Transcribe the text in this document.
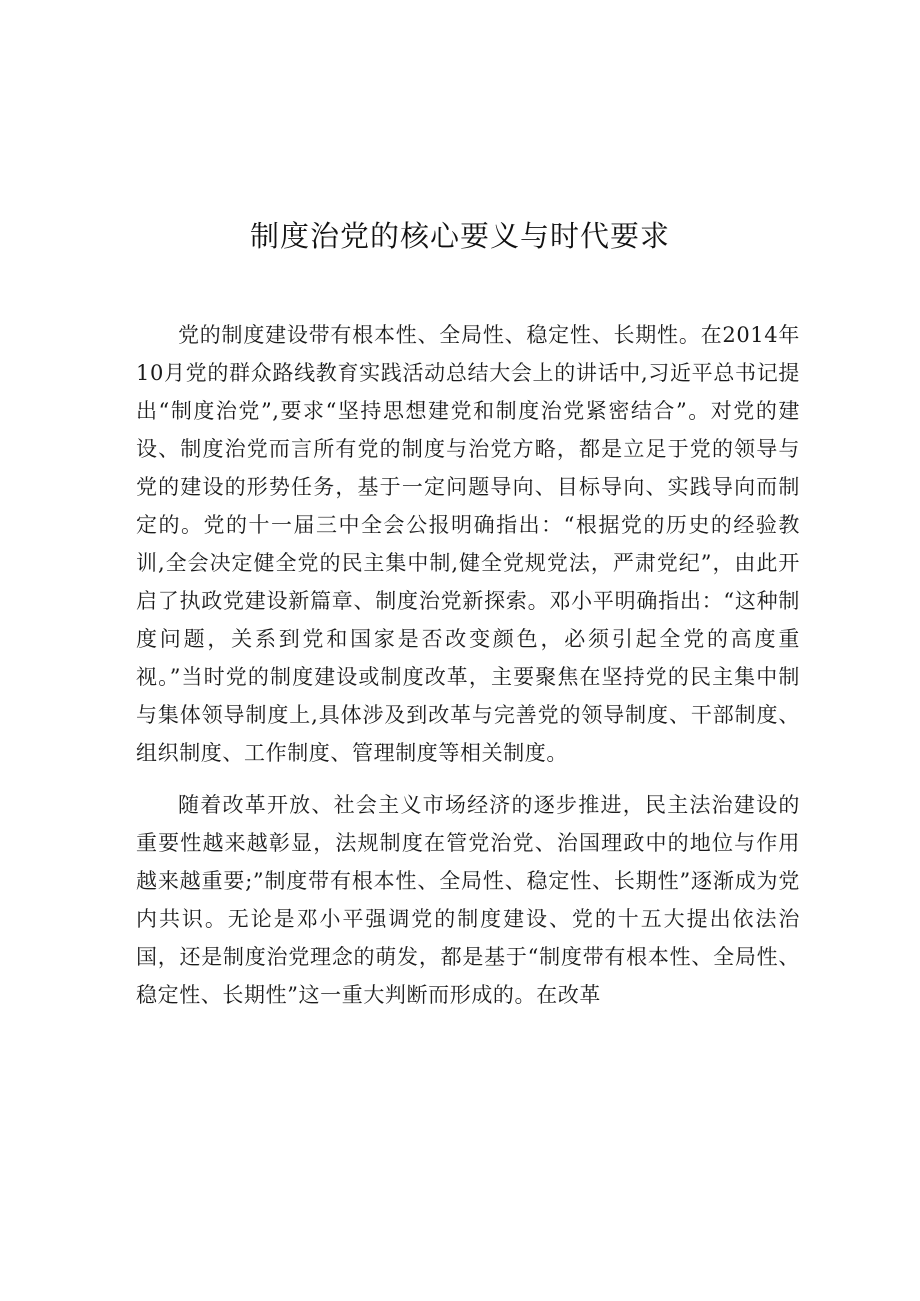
制度治党的核心要义与时代要求

党的制度建设带有根本性、全局性、稳定性、长期性。在2014年10月党的群众路线教育实践活动总结大会上的讲话中,习近平总书记提出“制度治党”,要求“坚持思想建党和制度治党紧密结合”。对党的建设、制度治党而言所有党的制度与治党方略，都是立足于党的领导与党的建设的形势任务，基于一定问题导向、目标导向、实践导向而制定的。党的十一届三中全会公报明确指出：“根据党的历史的经验教训,全会决定健全党的民主集中制,健全党规党法，严肃党纪”，由此开启了执政党建设新篇章、制度治党新探索。邓小平明确指出：“这种制度问题，关系到党和国家是否改变颜色，必须引起全党的高度重视。”当时党的制度建设或制度改革，主要聚焦在坚持党的民主集中制与集体领导制度上,具体涉及到改革与完善党的领导制度、干部制度、组织制度、工作制度、管理制度等相关制度。

随着改革开放、社会主义市场经济的逐步推进，民主法治建设的重要性越来越彰显，法规制度在管党治党、治国理政中的地位与作用越来越重要;”制度带有根本性、全局性、稳定性、长期性”逐渐成为党内共识。无论是邓小平强调党的制度建设、党的十五大提出依法治国，还是制度治党理念的萌发，都是基于“制度带有根本性、全局性、稳定性、长期性”这一重大判断而形成的。在改革
